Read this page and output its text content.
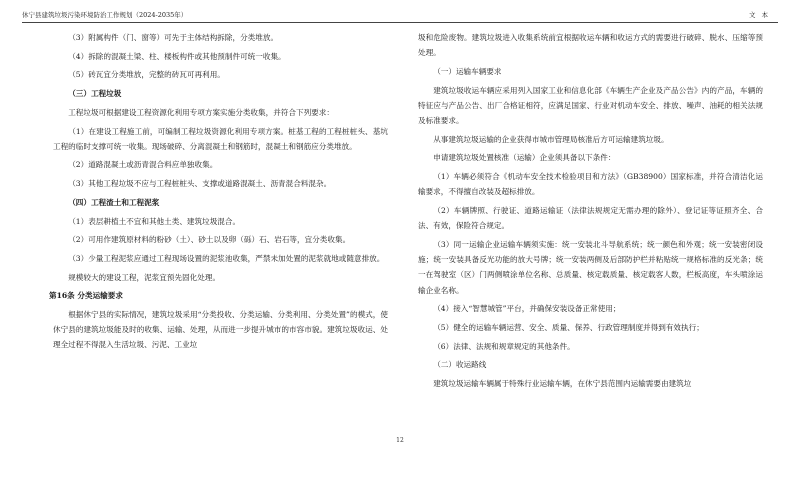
休宁县建筑垃圾污染环境防治工作规划（2024-2035年）	文本

（3）附属构件（门、窗等）可先于主体结构拆除，分类堆放。

（4）拆除的混凝土梁、柱、楼板构件或其他预制件可统一收集。

（5）砖瓦宜分类堆放，完整的砖瓦可再利用。

（三）工程垃圾

工程垃圾可根据建设工程资源化利用专项方案实施分类收集，并符合下列要求：

（1）在建设工程施工前，可编制工程垃圾资源化利用专项方案。桩基工程的工程桩桩头、基坑工程的临时支撑可统一收集。现场破碎、分离混凝土和钢筋时，混凝土和钢筋应分类堆放。

（2）道路混凝土或沥青混合料应单独收集。

（3）其他工程垃圾不应与工程桩桩头、支撑或道路混凝土、沥青混合料混杂。

（四）工程渣土和工程泥浆

（1）表层耕植土不宜和其他土类、建筑垃圾混合。

（2）可用作建筑原材料的粉砂（土）、砂土以及卵（砾）石、岩石等，宜分类收集。

（3）少量工程泥浆应通过工程现场设置的泥浆池收集，严禁未加处置的泥浆就地或随意排放。

规模较大的建设工程，泥浆宜预先固化处理。

第16条 分类运输要求

根据休宁县的实际情况，建筑垃圾采用“分类投收、分类运输、分类利用、分类处置”的模式，使休宁县的建筑垃圾能及时的收集、运输、处理，从而进一步提升城市的市容市貌。建筑垃圾收运、处理全过程不得混入生活垃圾、污泥、工业垃

圾和危险废物。建筑垃圾进入收集系统前宜根据收运车辆和收运方式的需要进行破碎、脱水、压缩等预处理。

（一）运输车辆要求

建筑垃圾收运车辆应采用列入国家工业和信息化部《车辆生产企业及产品公告》内的产品，车辆的特征应与产品公告、出厂合格证相符，应满足国家、行业对机动车安全、排放、噪声、油耗的相关法规及标准要求。

从事建筑垃圾运输的企业获得市城市管理局核准后方可运输建筑垃圾。

申请建筑垃圾处置核准（运输）企业须具备以下条件：

（1）车辆必须符合《机动车安全技术检验项目和方法》（GB38900）国家标准，并符合清洁化运输要求，不得擅自改装及超标排放。

（2）车辆牌照、行驶证、道路运输证（法律法规规定无需办理的除外）、登记证等证照齐全、合法、有效，保险符合规定。

（3）同一运输企业运输车辆须实施：统一安装北斗导航系统；统一颜色和外观；统一安装密闭设施；统一安装具备反光功能的放大号牌；统一安装两侧及后部防护栏并粘贴统一规格标准的反光条；统一在驾驶室（区）门两侧喷涂单位名称、总质量、核定载质量、核定载客人数，栏板高度，车头喷涂运输企业名称。

（4）接入“智慧城管”平台，并确保安装设备正常使用；

（5）健全的运输车辆运营、安全、质量、保养、行政管理制度并得到有效执行；

（6）法律、法规和规章规定的其他条件。

（二）收运路线

建筑垃圾运输车辆属于特殊行业运输车辆，在休宁县范围内运输需要由建筑垃

12
